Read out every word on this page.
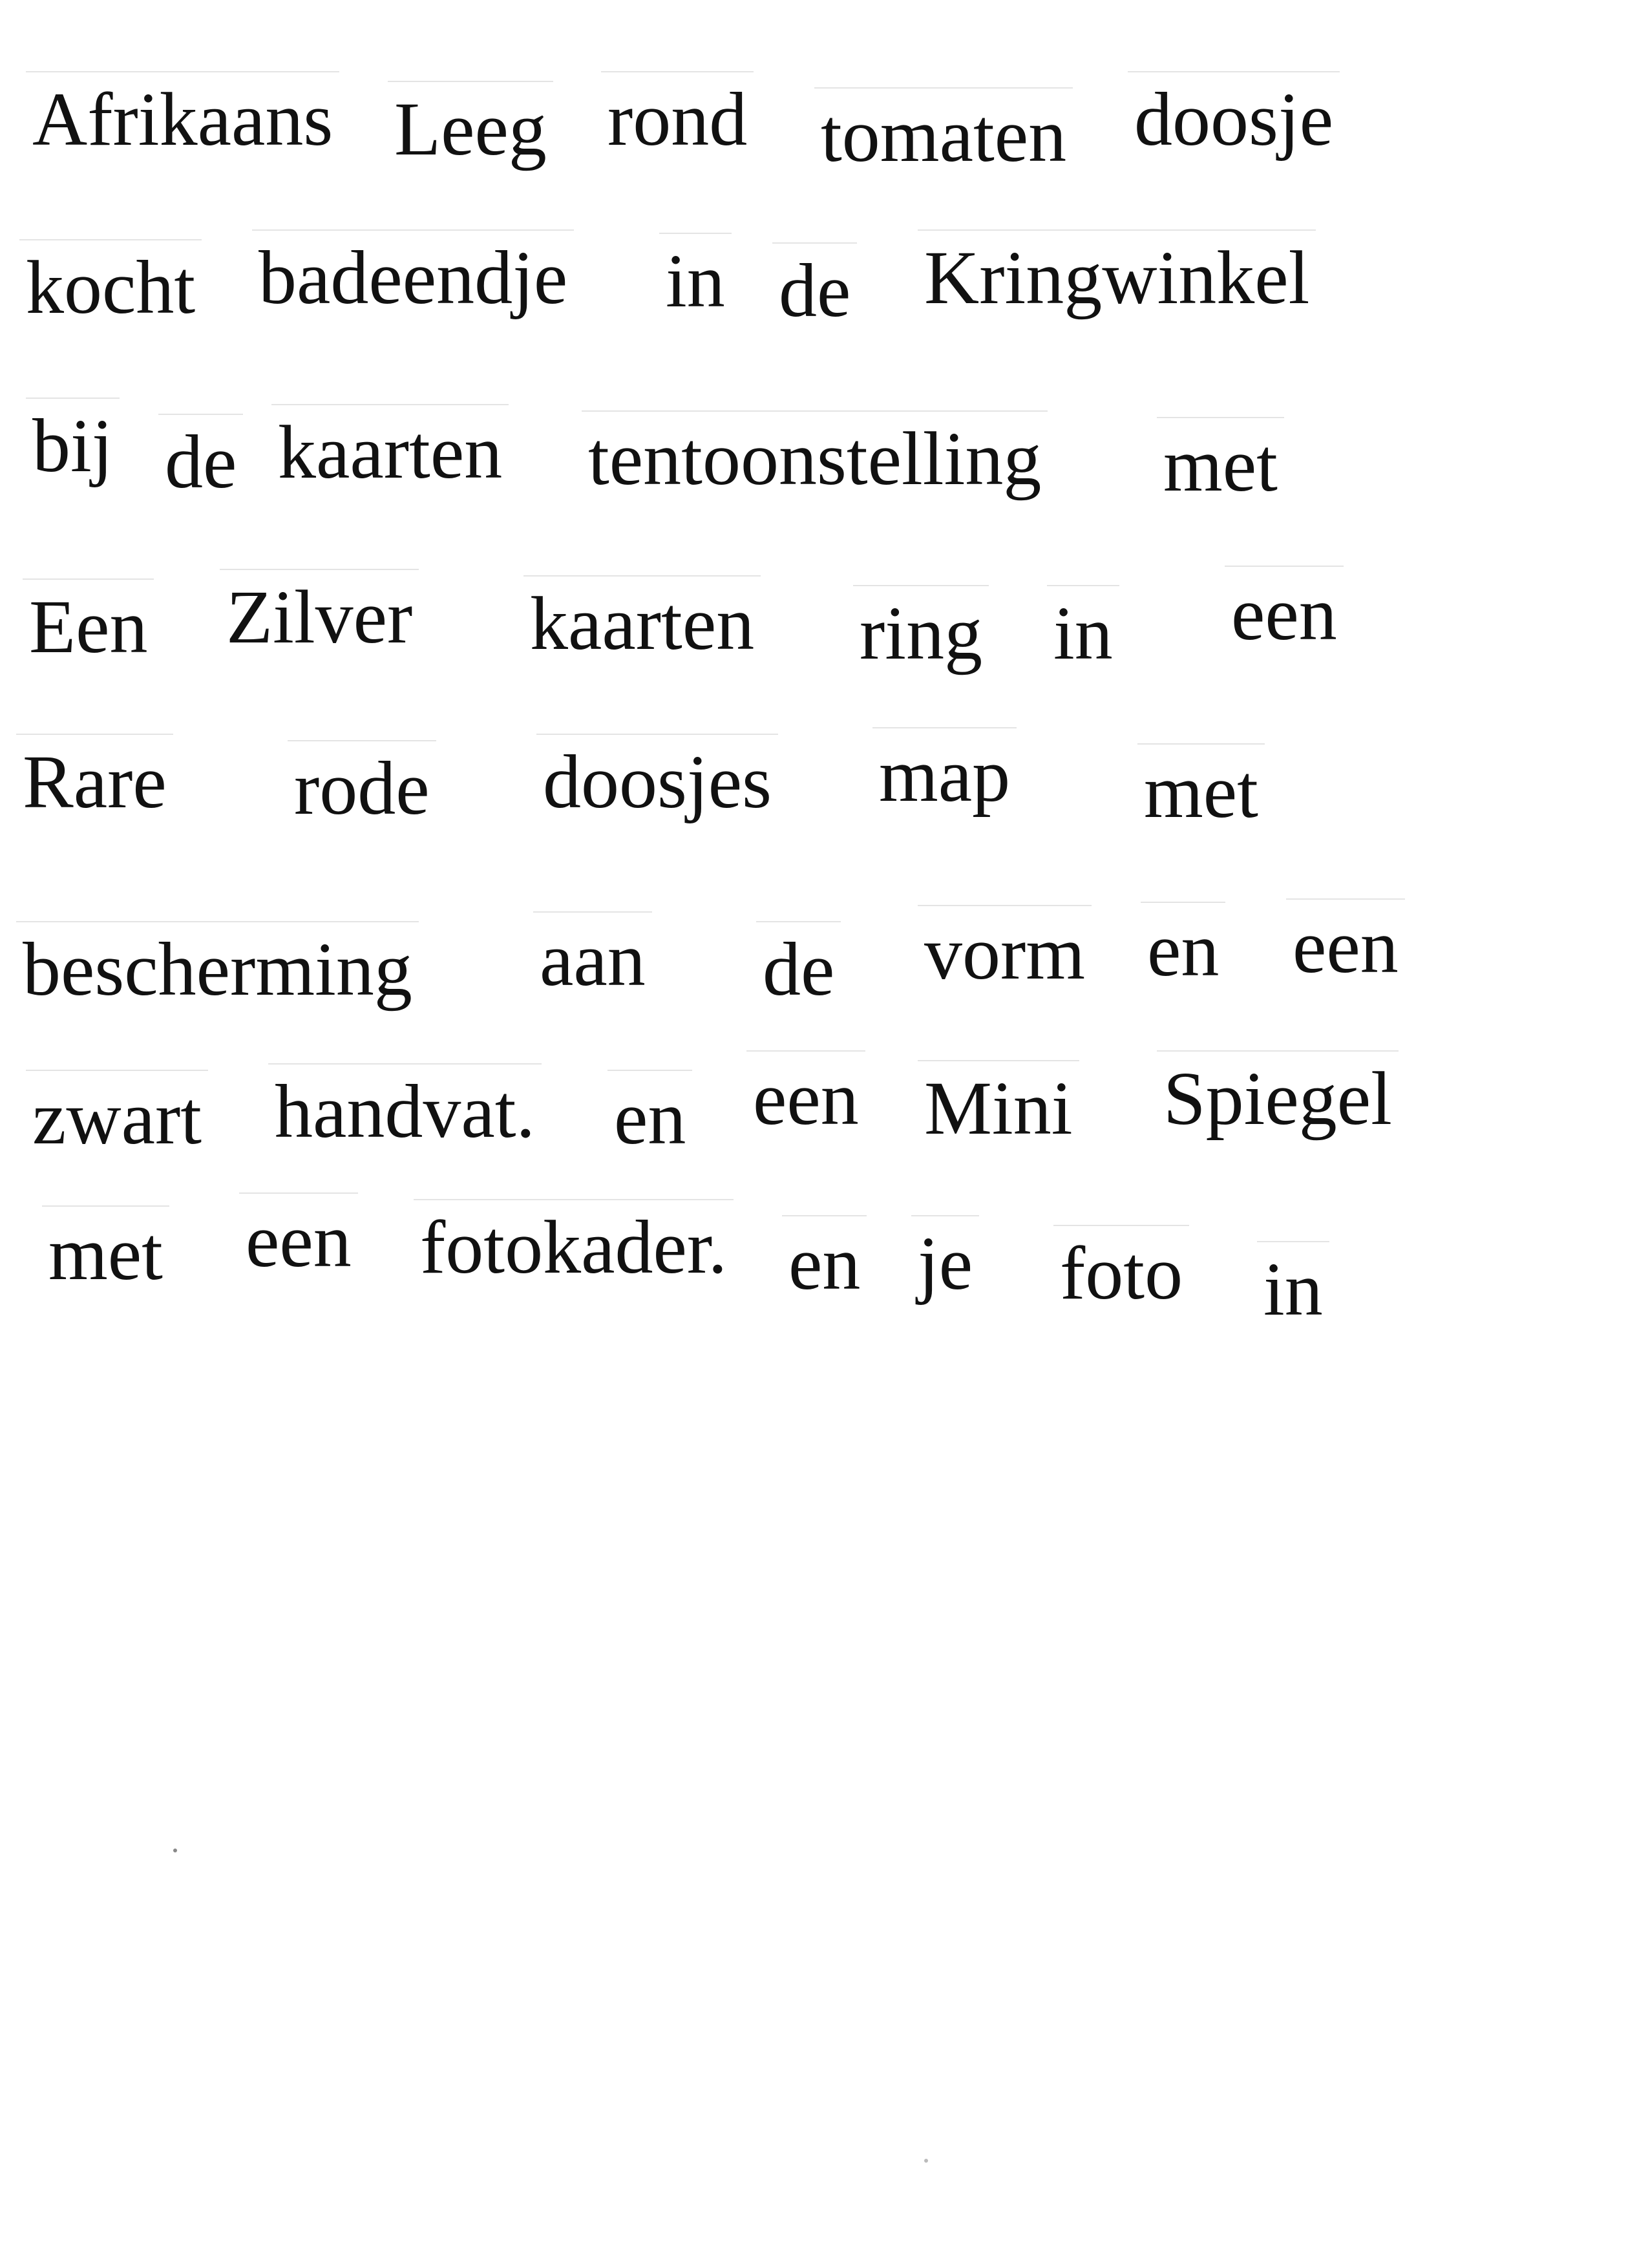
Afrikaans Leeg rond tomaten doosje
kocht badeendje in de Kringwinkel
bij de kaarten tentoonstelling met
Een Zilver kaarten ring in een
Rare rode doosjes map met
bescherming aan de vorm en een
zwart handvat. en een Mini Spiegel
met een fotokader. en je foto in
